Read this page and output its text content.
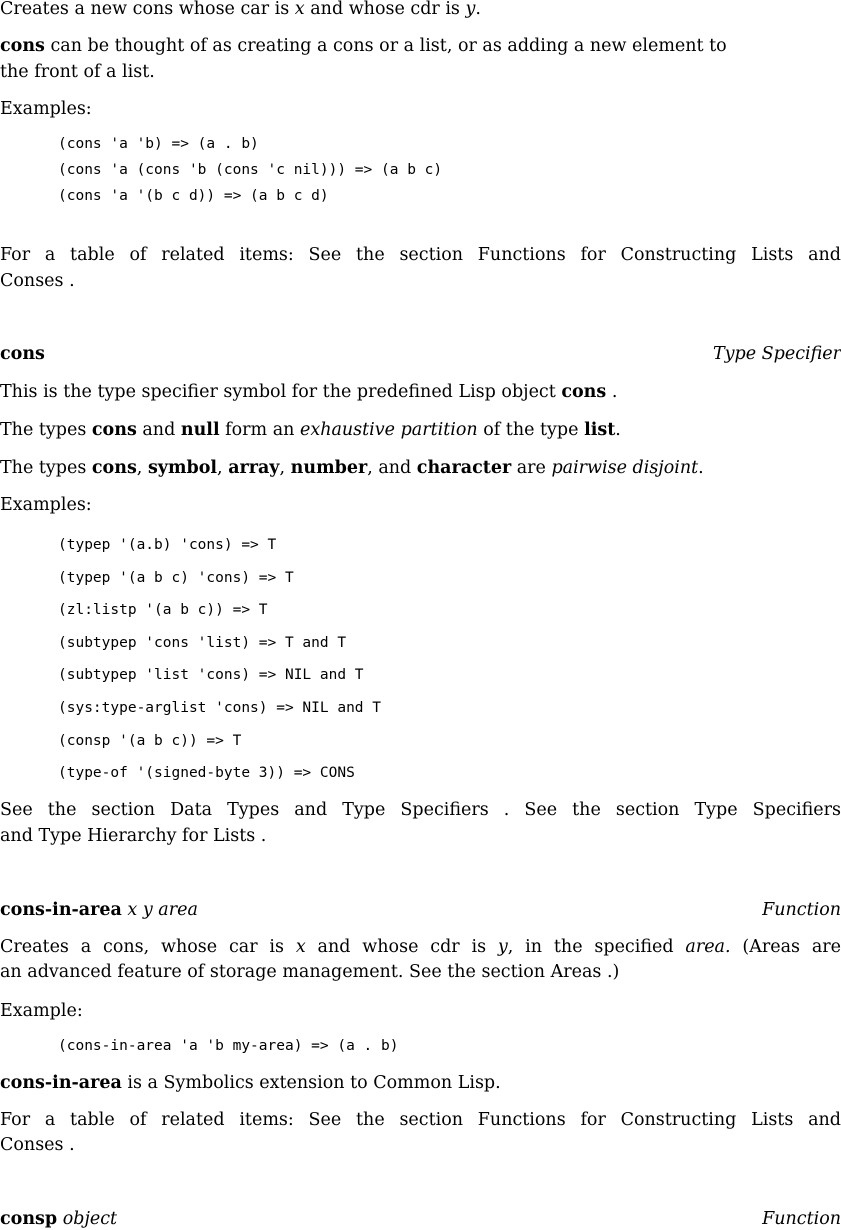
Creates a new cons whose car is x and whose cdr is y.
cons can be thought of as creating a cons or a list, or as adding a new element to
the front of a list.
Examples:
(cons 'a 'b) => (a . b)
(cons 'a (cons 'b (cons 'c nil))) => (a b c)
(cons 'a '(b c d)) => (a b c d)
For a table of related items: See the section Functions for Constructing Lists and
Conses .
cons	Type Specifier
This is the type specifier symbol for the predefined Lisp object cons .
The types cons and null form an exhaustive partition of the type list.
The types cons, symbol, array, number, and character are pairwise disjoint.
Examples:
(typep '(a.b) 'cons) => T
(typep '(a b c) 'cons) => T
(zl:listp '(a b c)) => T
(subtypep 'cons 'list) => T and T
(subtypep 'list 'cons) => NIL and T
(sys:type-arglist 'cons) => NIL and T
(consp '(a b c)) => T
(type-of '(signed-byte 3)) => CONS
See the section Data Types and Type Specifiers . See the section Type Specifiers
and Type Hierarchy for Lists .
cons-in-area x y area	Function
Creates a cons, whose car is x and whose cdr is y, in the specified area. (Areas are
an advanced feature of storage management. See the section Areas .)
Example:
(cons-in-area 'a 'b my-area) => (a . b)
cons-in-area is a Symbolics extension to Common Lisp.
For a table of related items: See the section Functions for Constructing Lists and
Conses .
consp object	Function
